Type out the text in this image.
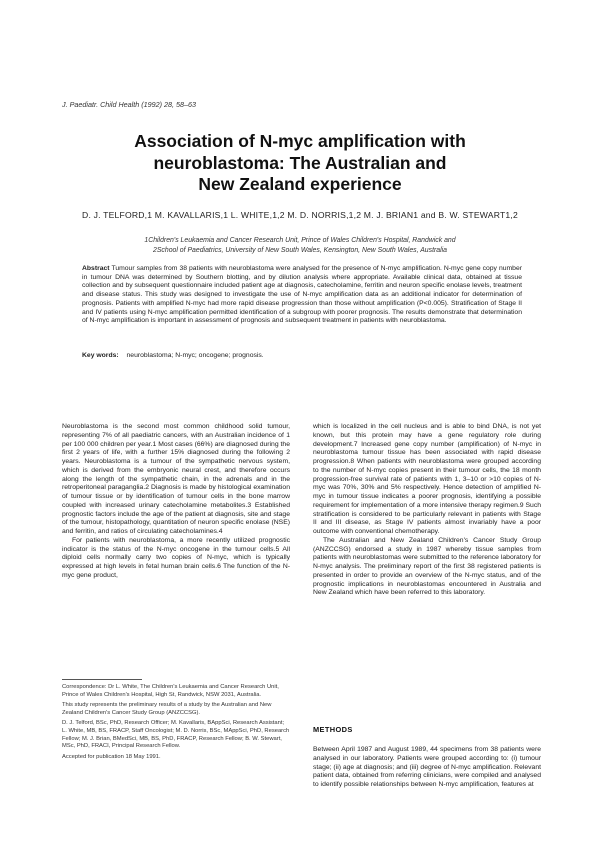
J. Paediatr. Child Health (1992) 28, 58–63
Association of N-myc amplification with
neuroblastoma: The Australian and
New Zealand experience
D. J. TELFORD,1 M. KAVALLARIS,1 L. WHITE,1,2 M. D. NORRIS,1,2 M. J. BRIAN1 and B. W. STEWART1,2
1Children's Leukaemia and Cancer Research Unit, Prince of Wales Children's Hospital, Randwick and
2School of Paediatrics, University of New South Wales, Kensington, New South Wales, Australia
Abstract Tumour samples from 38 patients with neuroblastoma were analysed for the presence of N-myc amplification. N-myc gene copy number in tumour DNA was determined by Southern blotting, and by dilution analysis where appropriate. Available clinical data, obtained at tissue collection and by subsequent questionnaire included patient age at diagnosis, catecholamine, ferritin and neuron specific enolase levels, treatment and disease status. This study was designed to investigate the use of N-myc amplification data as an additional indicator for determination of prognosis. Patients with amplified N-myc had more rapid disease progression than those without amplification (P<0.005). Stratification of Stage II and IV patients using N-myc amplification permitted identification of a subgroup with poorer prognosis. The results demonstrate that determination of N-myc amplification is important in assessment of prognosis and subsequent treatment in patients with neuroblastoma.
Key words: neuroblastoma; N-myc; oncogene; prognosis.

Neuroblastoma is the second most common childhood solid tumour, representing 7% of all paediatric cancers, with an Australian incidence of 1 per 100 000 children per year.1 Most cases (66%) are diagnosed during the first 2 years of life, with a further 15% diagnosed during the following 2 years. Neuroblastoma is a tumour of the sympathetic nervous system, which is derived from the embryonic neural crest, and therefore occurs along the length of the sympathetic chain, in the adrenals and in the retroperitoneal paraganglia.2 Diagnosis is made by histological examination of tumour tissue or by identification of tumour cells in the bone marrow coupled with increased urinary catecholamine metabolites.3 Established prognostic factors include the age of the patient at diagnosis, site and stage of the tumour, histopathology, quantitation of neuron specific enolase (NSE) and ferritin, and ratios of circulating catecholamines.4

For patients with neuroblastoma, a more recently utilized prognostic indicator is the status of the N-myc oncogene in the tumour cells.5 All diploid cells normally carry two copies of N-myc, which is typically expressed at high levels in fetal human brain cells.6 The function of the N-myc gene product,

which is localized in the cell nucleus and is able to bind DNA, is not yet known, but this protein may have a gene regulatory role during development.7 Increased gene copy number (amplification) of N-myc in neuroblastoma tumour tissue has been associated with rapid disease progression.8 When patients with neuroblastoma were grouped according to the number of N-myc copies present in their tumour cells, the 18 month progression-free survival rate of patients with 1, 3–10 or >10 copies of N-myc was 70%, 30% and 5% respectively. Hence detection of amplified N-myc in tumour tissue indicates a poorer prognosis, identifying a possible requirement for implementation of a more intensive therapy regimen.9 Such stratification is considered to be particularly relevant in patients with Stage II and III disease, as Stage IV patients almost invariably have a poor outcome with conventional chemotherapy.

The Australian and New Zealand Children's Cancer Study Group (ANZCCSG) endorsed a study in 1987 whereby tissue samples from patients with neuroblastomas were submitted to the reference laboratory for N-myc analysis. The preliminary report of the first 38 registered patients is presented in order to provide an overview of the N-myc status, and of the prognostic implications in neuroblastomas encountered in Australia and New Zealand which have been referred to this laboratory.

Correspondence: Dr L. White, The Children's Leukaemia and Cancer Research Unit, Prince of Wales Children's Hospital, High St, Randwick, NSW 2031, Australia.

This study represents the preliminary results of a study by the Australian and New Zealand Children's Cancer Study Group (ANZCCSG).

D. J. Telford, BSc, PhD, Research Officer; M. Kavallaris, BAppSci, Research Assistant; L. White, MB, BS, FRACP, Staff Oncologist; M. D. Norris, BSc, MAppSci, PhD, Research Fellow; M. J. Brian, BMedSci, MB, BS, PhD, FRACP, Research Fellow; B. W. Stewart, MSc, PhD, FRACI, Principal Research Fellow.

Accepted for publication 18 May 1991.

METHODS

Between April 1987 and August 1989, 44 specimens from 38 patients were analysed in our laboratory. Patients were grouped according to: (i) tumour stage; (ii) age at diagnosis; and (iii) degree of N-myc amplification. Relevant patient data, obtained from referring clinicians, were compiled and analysed to identify possible relationships between N-myc amplification, features at
